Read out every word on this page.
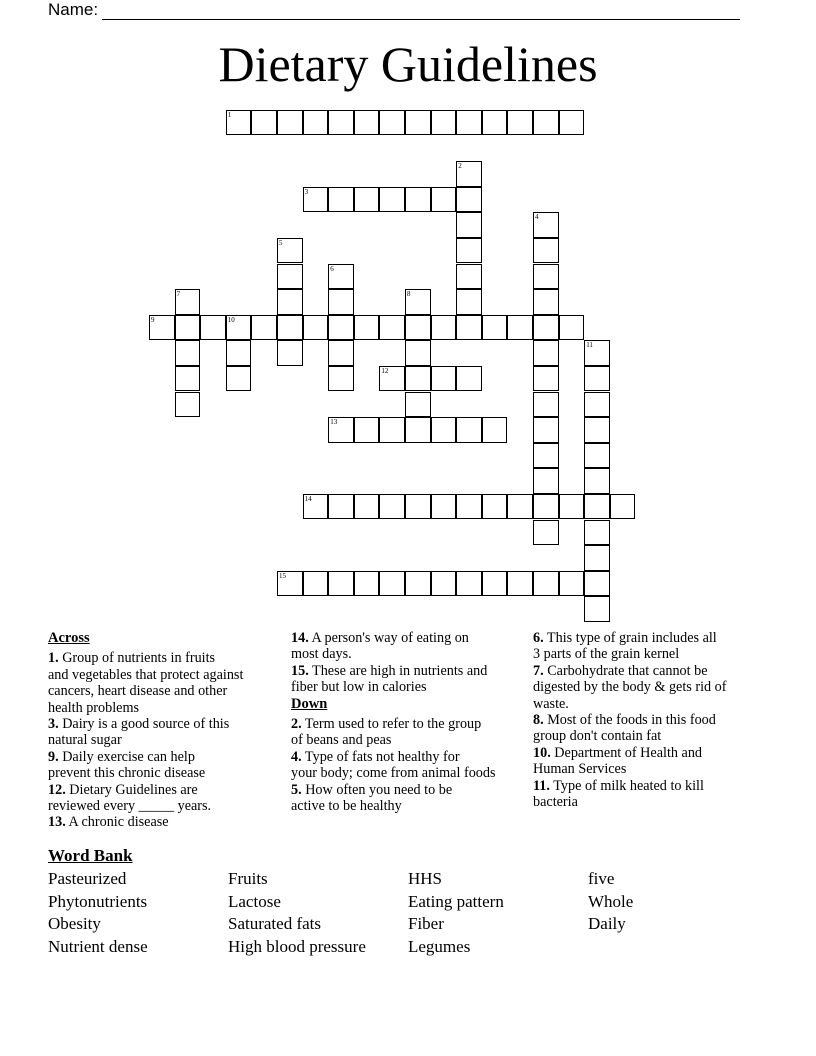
Name:
Dietary Guidelines
1
3
9	10
12
13
14
15
2
4
5
6
7	8
11
Across
1. Group of nutrients in fruits
and vegetables that protect against
cancers, heart disease and other
health problems
3. Dairy is a good source of this
natural sugar
9. Daily exercise can help
prevent this chronic disease
12. Dietary Guidelines are
reviewed every _____ years.
13. A chronic disease
14. A person's way of eating on
most days.
15. These are high in nutrients and
fiber but low in calories
Down
2. Term used to refer to the group
of beans and peas
4. Type of fats not healthy for
your body; come from animal foods
5. How often you need to be
active to be healthy
6. This type of grain includes all
3 parts of the grain kernel
7. Carbohydrate that cannot be
digested by the body & gets rid of
waste.
8. Most of the foods in this food
group don't contain fat
10. Department of Health and
Human Services
11. Type of milk heated to kill
bacteria
Word Bank
Pasteurized
Phytonutrients
Obesity
Nutrient dense
Fruits
Lactose
Saturated fats
High blood pressure
HHS
Eating pattern
Fiber
Legumes
five
Whole
Daily
